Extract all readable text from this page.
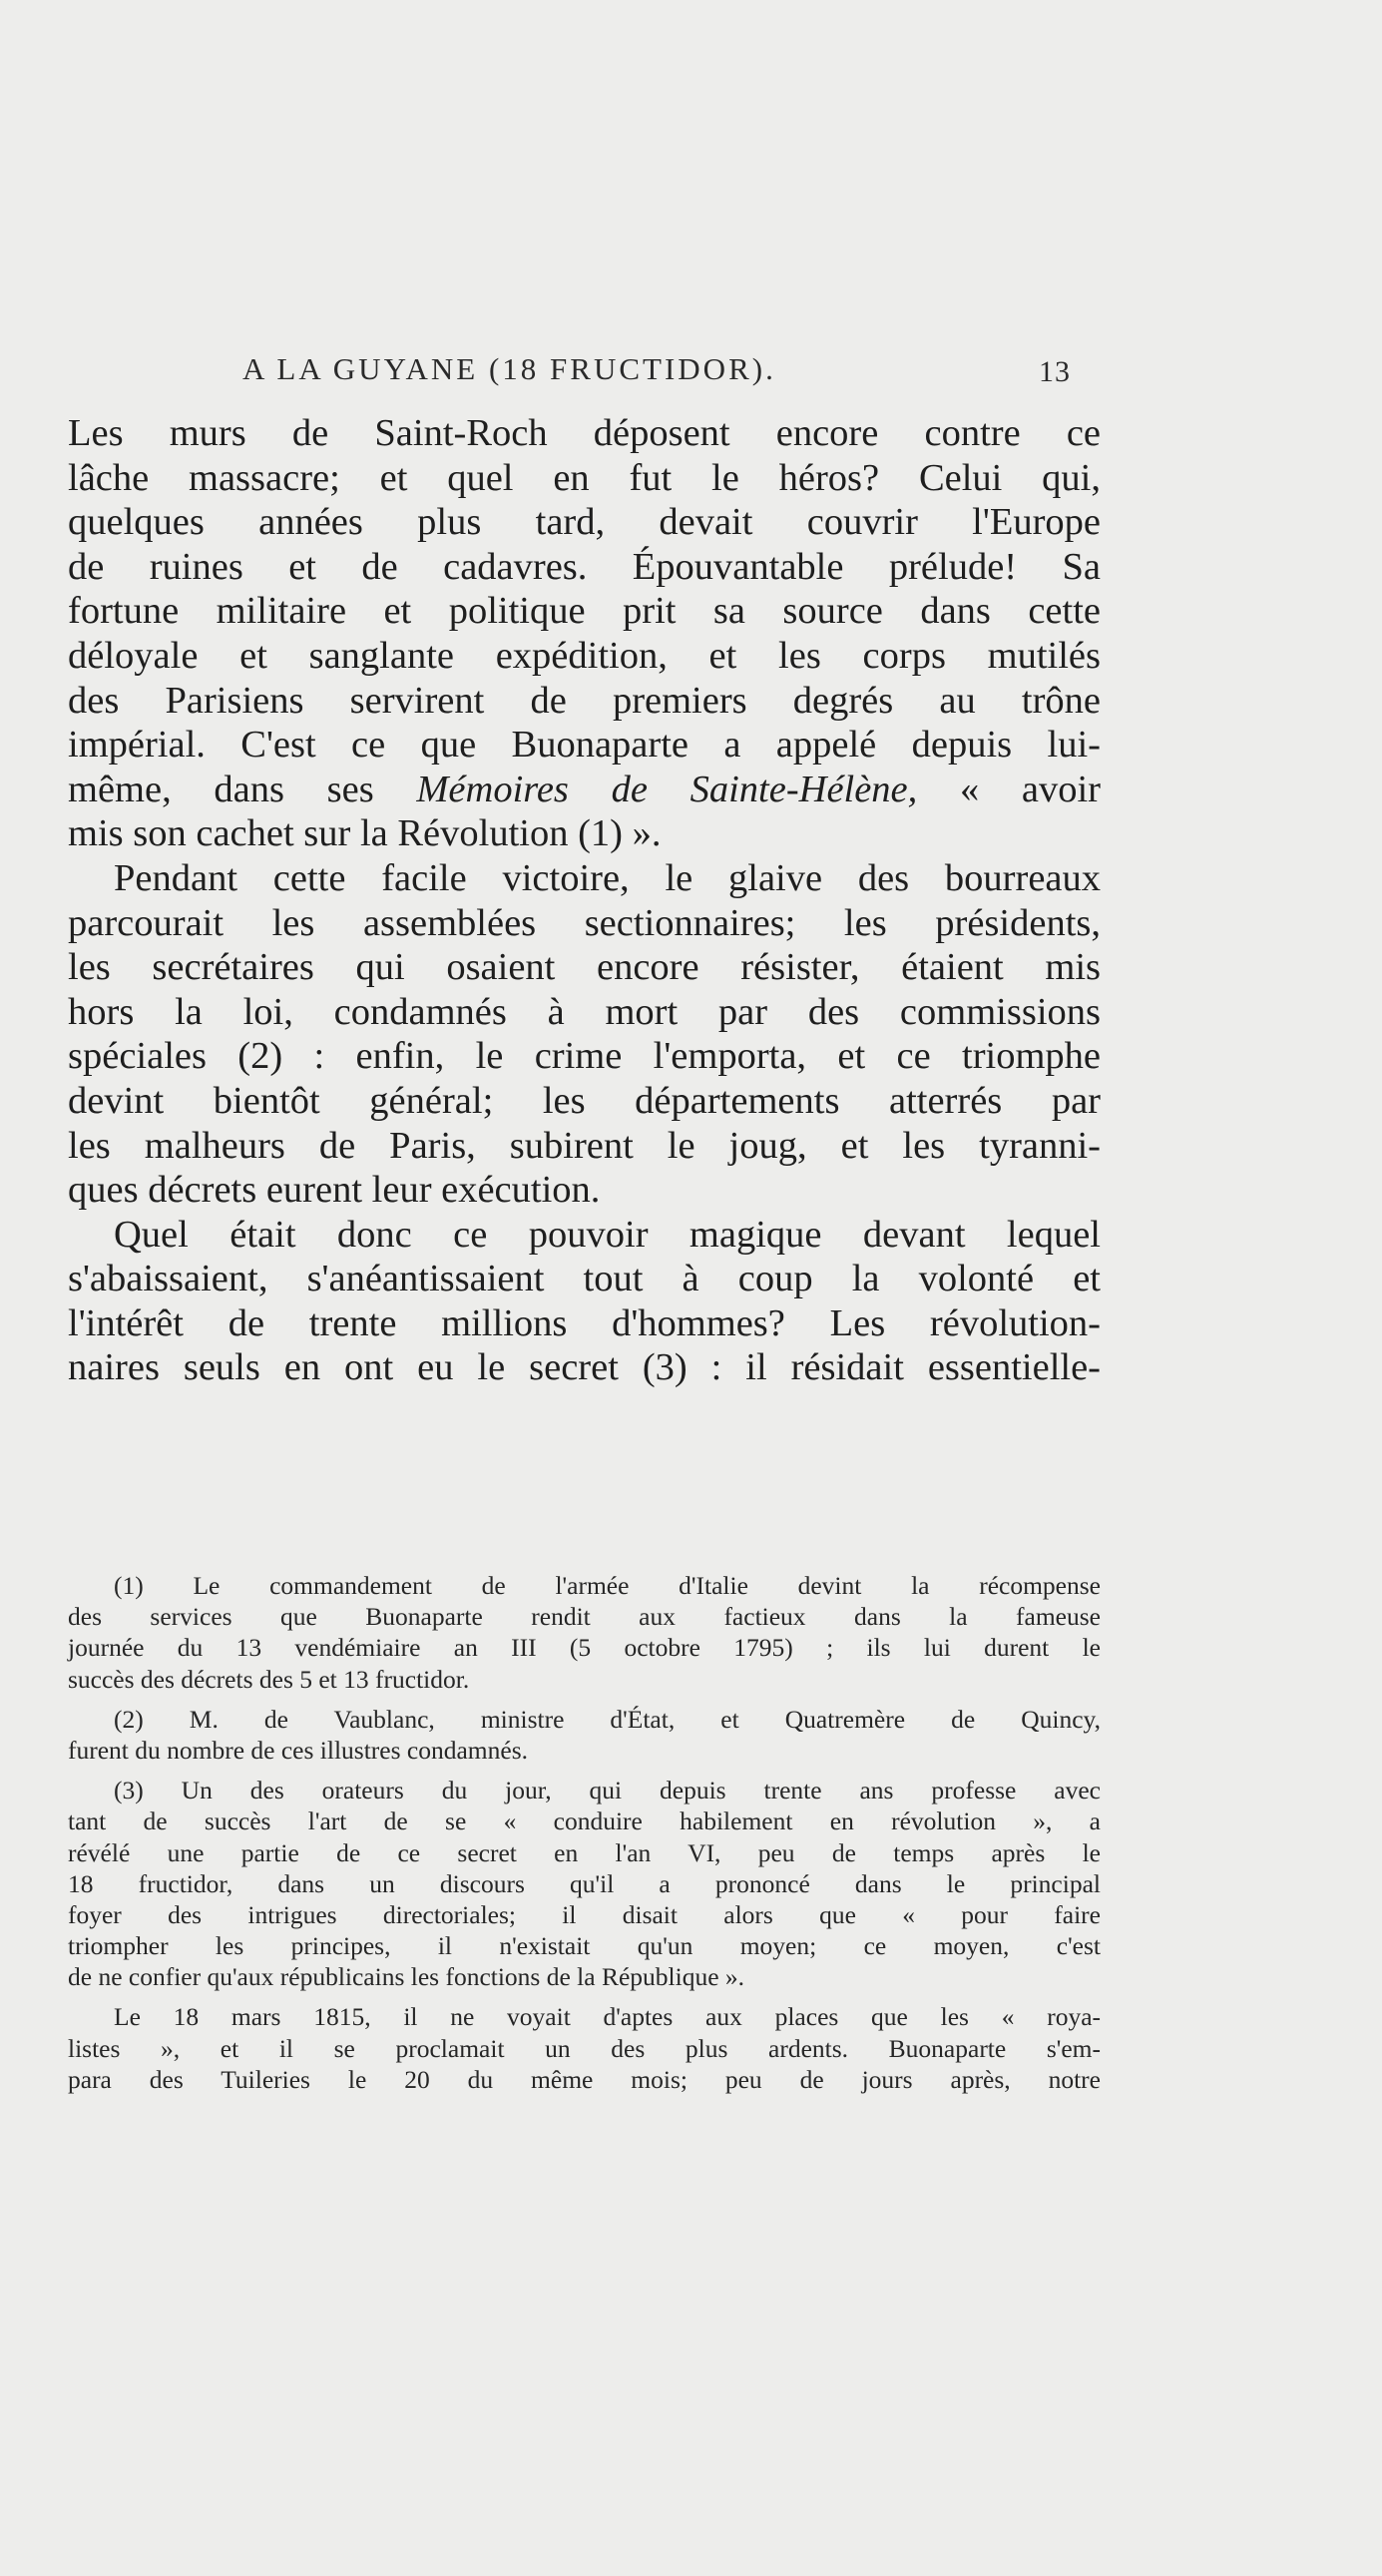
A LA GUYANE (18 FRUCTIDOR).	13
Les murs de Saint-Roch déposent encore contre ce
lâche massacre; et quel en fut le héros? Celui qui,
quelques années plus tard, devait couvrir l'Europe
de ruines et de cadavres. Épouvantable prélude! Sa
fortune militaire et politique prit sa source dans cette
déloyale et sanglante expédition, et les corps mutilés
des Parisiens servirent de premiers degrés au trône
impérial. C'est ce que Buonaparte a appelé depuis lui-
même, dans ses Mémoires de Sainte-Hélène, « avoir
mis son cachet sur la Révolution (1) ».
Pendant cette facile victoire, le glaive des bourreaux
parcourait les assemblées sectionnaires; les présidents,
les secrétaires qui osaient encore résister, étaient mis
hors la loi, condamnés à mort par des commissions
spéciales (2) : enfin, le crime l'emporta, et ce triomphe
devint bientôt général; les départements atterrés par
les malheurs de Paris, subirent le joug, et les tyranni-
ques décrets eurent leur exécution.
Quel était donc ce pouvoir magique devant lequel
s'abaissaient, s'anéantissaient tout à coup la volonté et
l'intérêt de trente millions d'hommes? Les révolution-
naires seuls en ont eu le secret (3) : il résidait essentielle-
(1) Le commandement de l'armée d'Italie devint la récompense
des services que Buonaparte rendit aux factieux dans la fameuse
journée du 13 vendémiaire an III (5 octobre 1795) ; ils lui durent le
succès des décrets des 5 et 13 fructidor.
(2) M. de Vaublanc, ministre d'État, et Quatremère de Quincy,
furent du nombre de ces illustres condamnés.
(3) Un des orateurs du jour, qui depuis trente ans professe avec
tant de succès l'art de se « conduire habilement en révolution », a
révélé une partie de ce secret en l'an VI, peu de temps après le
18 fructidor, dans un discours qu'il a prononcé dans le principal
foyer des intrigues directoriales; il disait alors que « pour faire
triompher les principes, il n'existait qu'un moyen; ce moyen, c'est
de ne confier qu'aux républicains les fonctions de la République ».
Le 18 mars 1815, il ne voyait d'aptes aux places que les « roya-
listes », et il se proclamait un des plus ardents. Buonaparte s'em-
para des Tuileries le 20 du même mois; peu de jours après, notre
